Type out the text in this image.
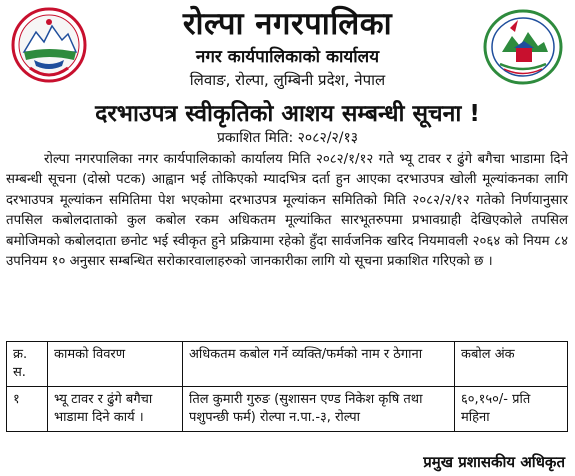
रोल्पा नगरपालिका
नगर कार्यपालिकाको कार्यालय
लिवाङ, रोल्पा, लुम्बिनी प्रदेश, नेपाल
दरभाउपत्र स्वीकृतिको आशय सम्बन्धी सूचना !
प्रकाशित मिति: २०८२/२/१३
रोल्पा नगरपालिका नगर कार्यपालिकाको कार्यालय मिति २०८२/१/१२ गते भ्यू टावर र ढुंगे बगैचा भाडामा दिने सम्बन्धी सूचना (दोस्रो पटक) आह्वान भई तोकिएको म्यादभित्र दर्ता हुन आएका दरभाउपत्र खोली मूल्यांकनका लागि दरभाउपत्र मूल्यांकन समितिमा पेश भएकोमा दरभाउपत्र मूल्यांकन समितिको मिति २०८२/२/१२ गतेको निर्णयानुसार तपसिल कबोलदाताको कुल कबोल रकम अधिकतम मूल्यांकित सारभूतरुपमा प्रभावग्राही देखिएकोले तपसिल बमोजिमको कबोलदाता छनोट भई स्वीकृत हुने प्रक्रियामा रहेको हुँदा सार्वजनिक खरिद नियमावली २०६४ को नियम ८४ उपनियम १० अनुसार सम्बन्धित सरोकारवालाहरुको जानकारीका लागि यो सूचना प्रकाशित गरिएको छ ।
क्र. स.	कामको विवरण	अधिकतम कबोल गर्ने व्यक्ति/फर्मको नाम र ठेगाना	कबोल अंक
१	भ्यू टावर र ढुंगे बगैचा भाडामा दिने कार्य ।	तिल कुमारी गुरुङ (सुशासन एण्ड निकेश कृषि तथा पशुपन्छी फर्म) रोल्पा न.पा.-३, रोल्पा	६०,१५०/- प्रति महिना
प्रमुख प्रशासकीय अधिकृत
